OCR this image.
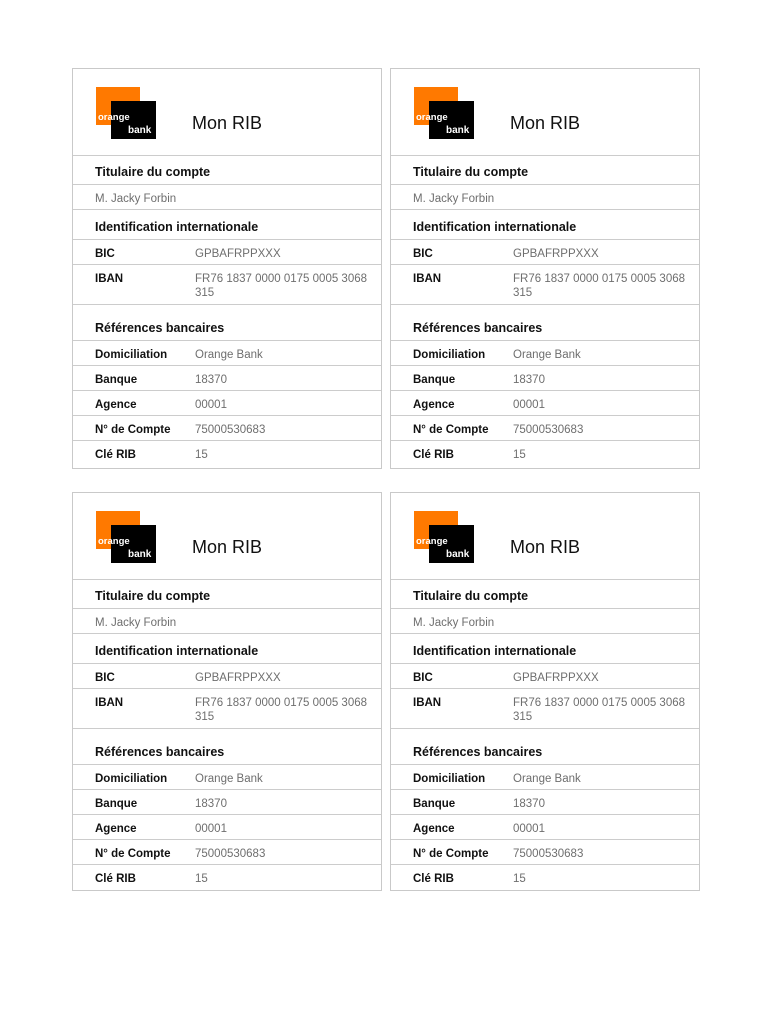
orange
bank Mon RIB
Titulaire du compte
M. Jacky Forbin
Identification internationale
BIC	GPBAFRPPXXX
IBAN	FR76 1837 0000 0175 0005 3068 315
Références bancaires
Domiciliation Orange Bank
Banque	18370
Agence	00001
N° de Compte 75000530683
Clé RIB	15
orange
bank Mon RIB
Titulaire du compte
M. Jacky Forbin
Identification internationale
BIC	GPBAFRPPXXX
IBAN	FR76 1837 0000 0175 0005 3068 315
Références bancaires
Domiciliation Orange Bank
Banque	18370
Agence	00001
N° de Compte 75000530683
Clé RIB	15
orange
bank Mon RIB
Titulaire du compte
M. Jacky Forbin
Identification internationale
BIC	GPBAFRPPXXX
IBAN	FR76 1837 0000 0175 0005 3068 315
Références bancaires
Domiciliation Orange Bank
Banque	18370
Agence	00001
N° de Compte 75000530683
Clé RIB	15
orange
bank Mon RIB
Titulaire du compte
M. Jacky Forbin
Identification internationale
BIC	GPBAFRPPXXX
IBAN	FR76 1837 0000 0175 0005 3068 315
Références bancaires
Domiciliation Orange Bank
Banque	18370
Agence	00001
N° de Compte 75000530683
Clé RIB	15
